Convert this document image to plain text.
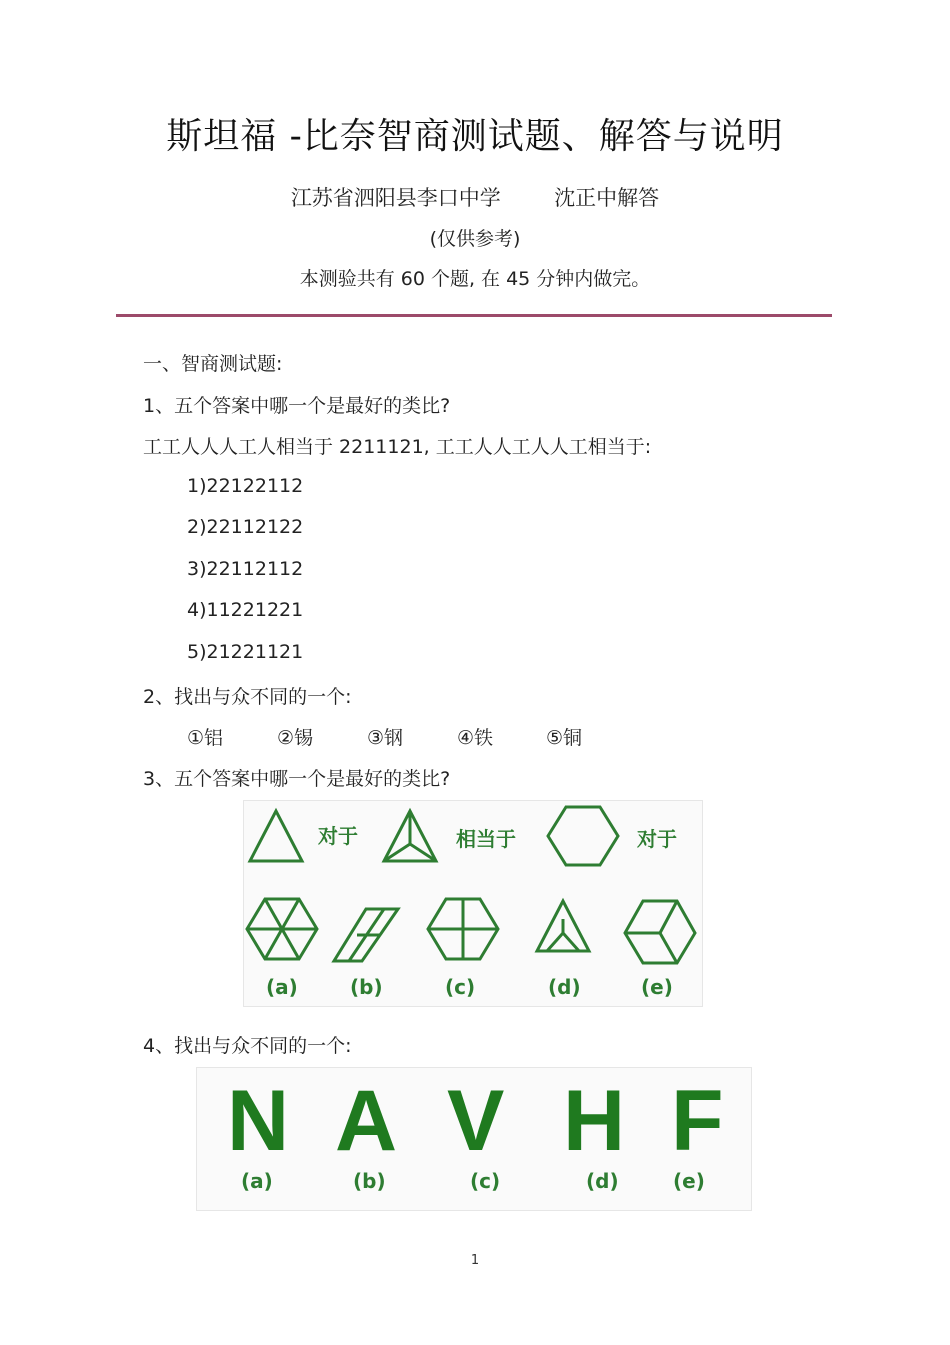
斯坦福 -比奈智商测试题、解答与说明
江苏省泗阳县李口中学	沈正中解答
(仅供参考)
本测验共有 60 个题, 在 45 分钟内做完。
一、智商测试题:
1、五个答案中哪一个是最好的类比?
工工人人人工人相当于 2211121, 工工人人工人人工相当于:
1)22122112
2)22112122
3)22112112
4)11221221
5)21221121
2、找出与众不同的一个:
①铝	②锡	③钢	④铁	⑤铜
3、五个答案中哪一个是最好的类比?
对于	相当于	对于
(a)	(b)	(c)	(d)	(e)
4、找出与众不同的一个:
N A V H F
(a)	(b)	(c)	(d)	(e)
1
